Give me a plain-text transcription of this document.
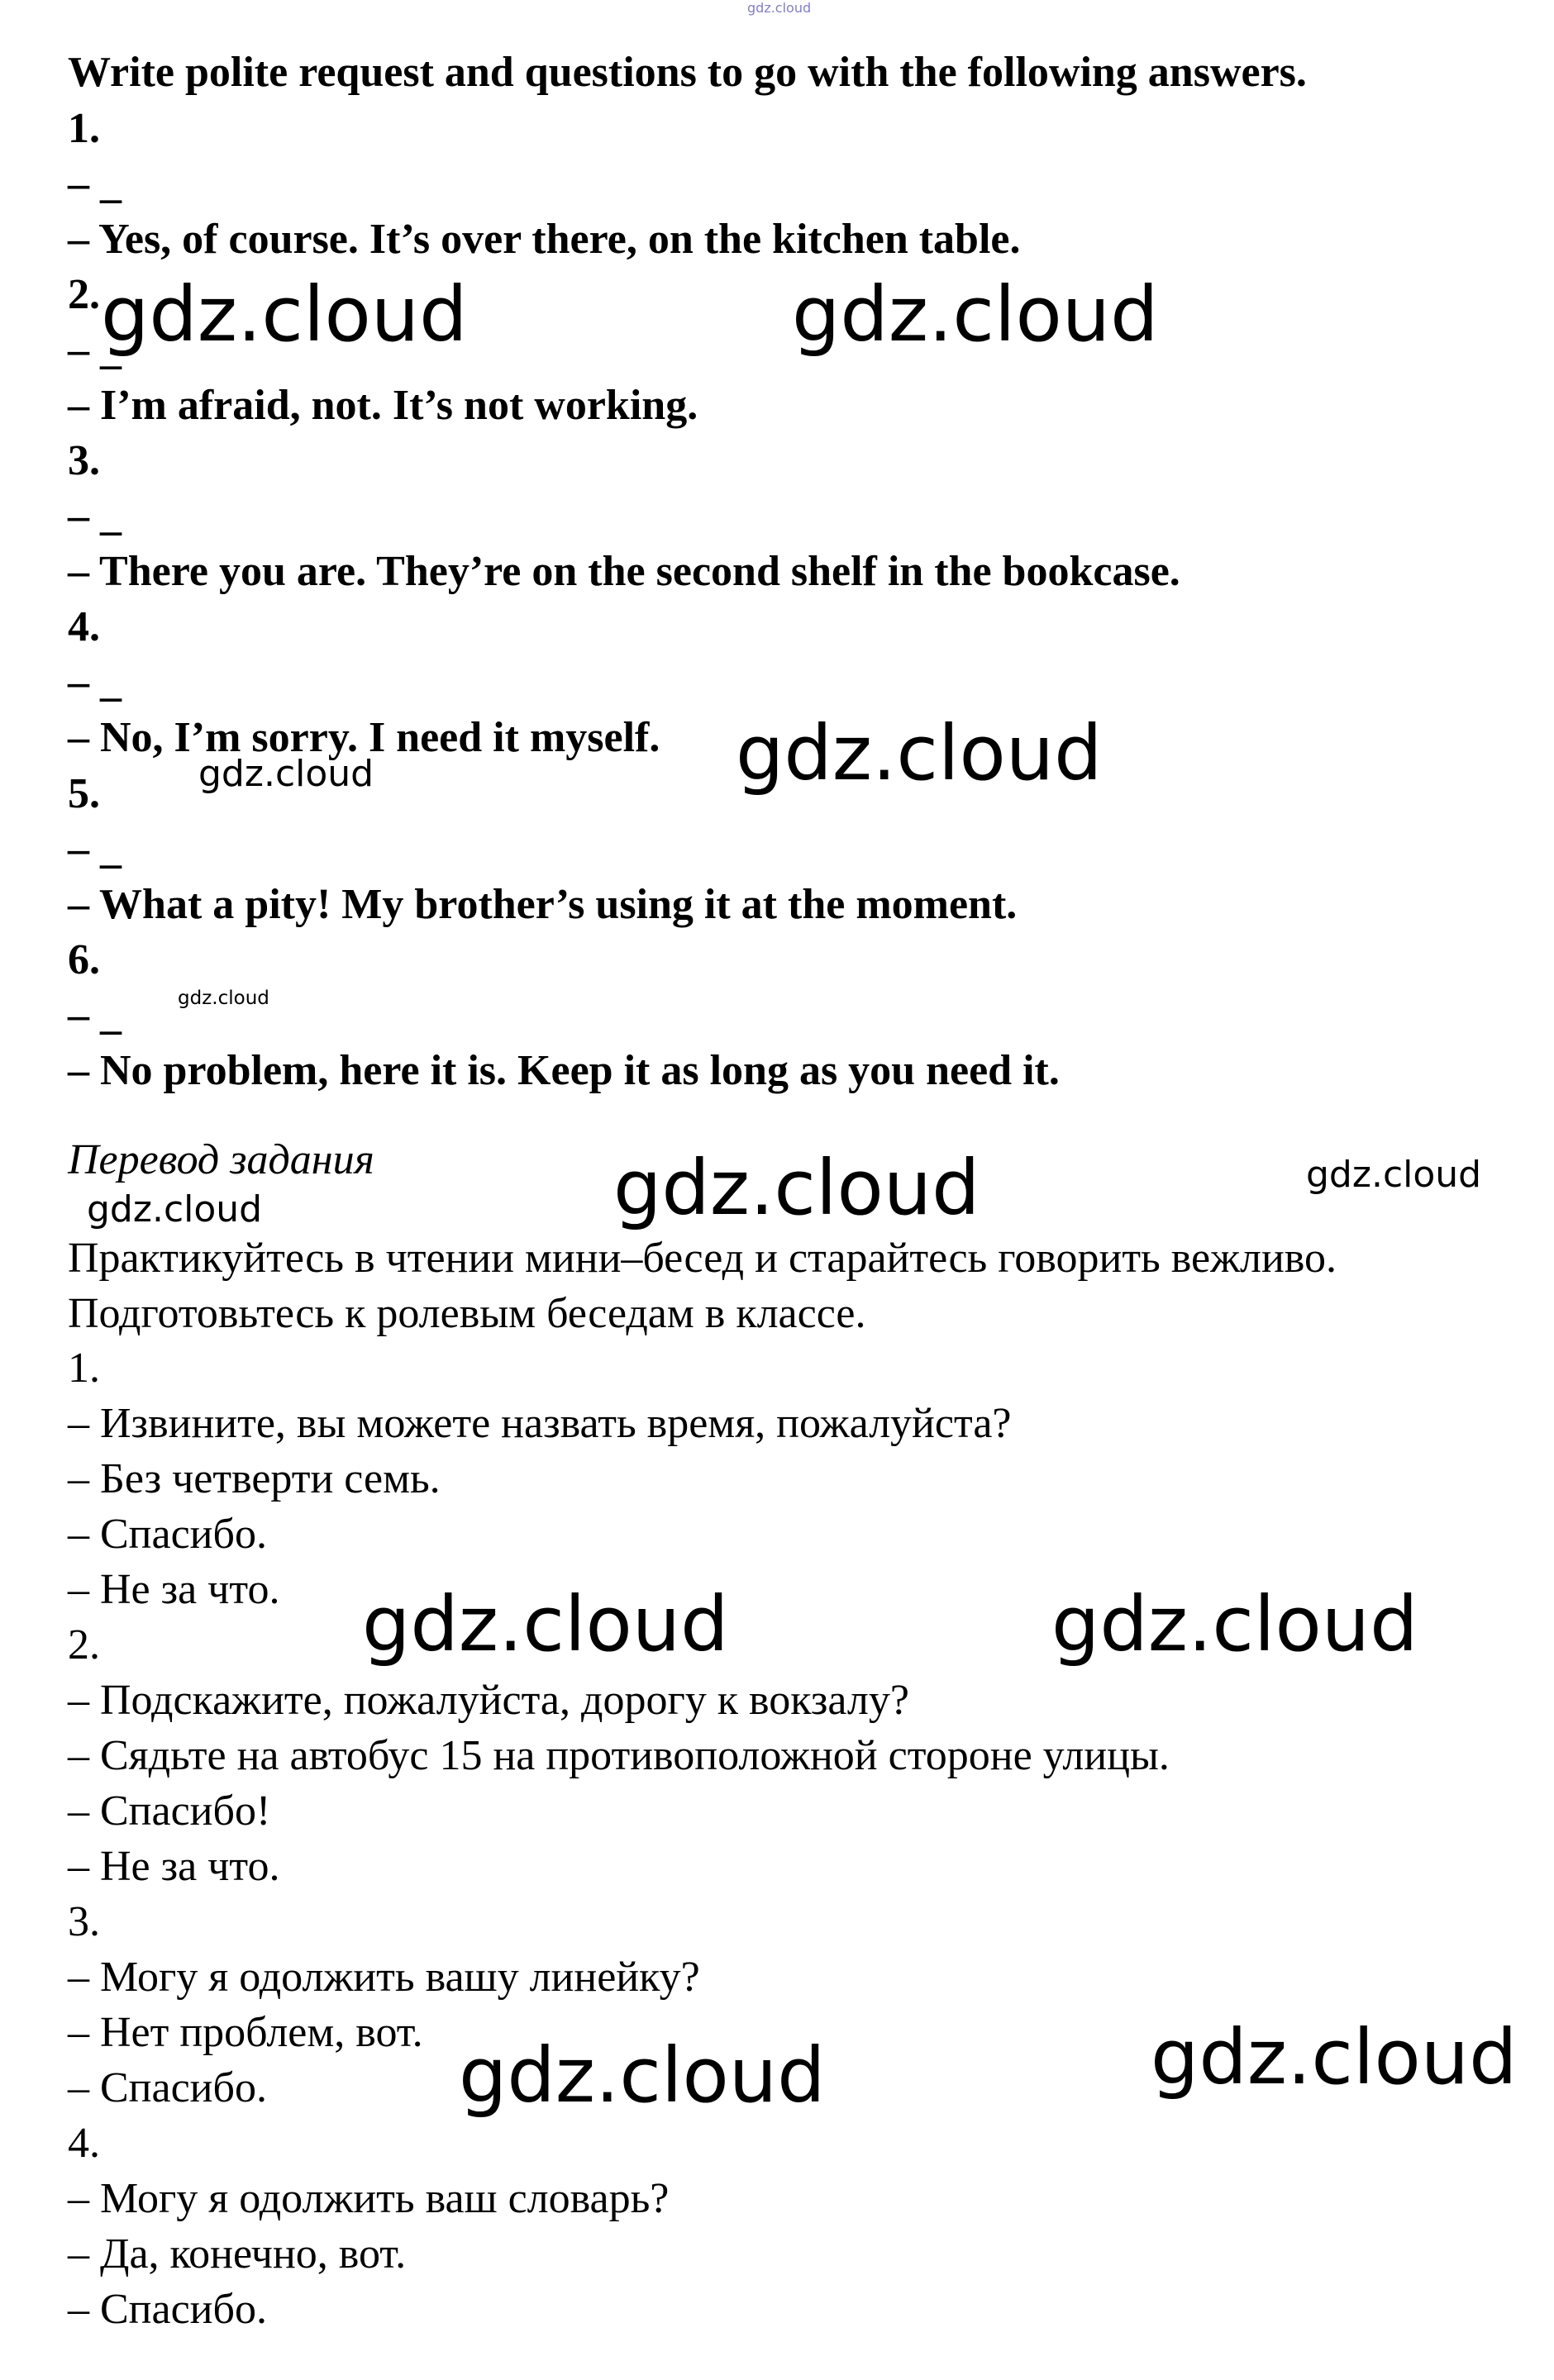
gdz.cloud
gdz.cloud	gdz.cloud
gdz.cloud	gdz.cloud
gdz.cloud
gdz.cloud	gdz.cloud
gdz.cloud
gdz.cloud	gdz.cloud
gdz.cloud	gdz.cloud
Write polite request and questions to go with the following answers.
1.
– _
– Yes, of course. It’s over there, on the kitchen table.
2.
– _
– I’m afraid, not. It’s not working.
3.
– _
– There you are. They’re on the second shelf in the bookcase.
4.
– _
– No, I’m sorry. I need it myself.
5.
– _
– What a pity! My brother’s using it at the moment.
6.
– _
– No problem, here it is. Keep it as long as you need it.
Перевод задания
Практикуйтесь в чтении мини–бесед и старайтесь говорить вежливо.
Подготовьтесь к ролевым беседам в классе.
1.
– Извините, вы можете назвать время, пожалуйста?
– Без четверти семь.
– Спасибо.
– Не за что.
2.
– Подскажите, пожалуйста, дорогу к вокзалу?
– Сядьте на автобус 15 на противоположной стороне улицы.
– Спасибо!
– Не за что.
3.
– Могу я одолжить вашу линейку?
– Нет проблем, вот.
– Спасибо.
4.
– Могу я одолжить ваш словарь?
– Да, конечно, вот.
– Спасибо.
